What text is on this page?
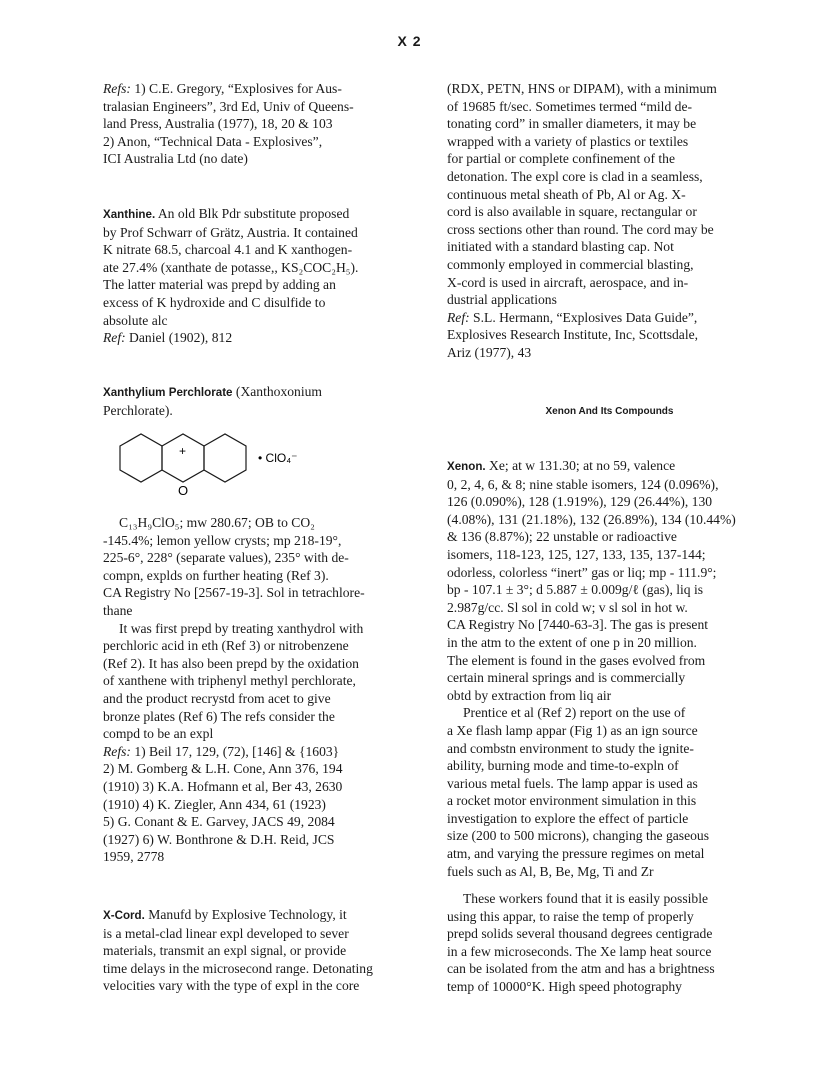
X 2
Refs: 1) C.E. Gregory, “Explosives for Aus-
tralasian Engineers”, 3rd Ed, Univ of Queens-
land Press, Australia (1977), 18, 20 & 103
2) Anon, “Technical Data - Explosives”,
ICI Australia Ltd (no date)
Xanthine. An old Blk Pdr substitute proposed
by Prof Schwarr of Grätz, Austria. It contained
K nitrate 68.5, charcoal 4.1 and K xanthogen-
ate 27.4% (xanthate de potasse,, KS₂COC₂H₅).
The latter material was prepd by adding an
excess of K hydroxide and C disulfide to
absolute alc
Ref: Daniel (1902), 812
Xanthylium Perchlorate (Xanthoxonium
Perchlorate).
+
O
• ClO₄⁻
C₁₃H₉ClO₅; mw 280.67; OB to CO₂
-145.4%; lemon yellow crysts; mp 218-19°,
225-6°, 228° (separate values), 235° with de-
compn, explds on further heating (Ref 3).
CA Registry No [2567-19-3]. Sol in tetrachlore-
thane
It was first prepd by treating xanthydrol with
perchloric acid in eth (Ref 3) or nitrobenzene
(Ref 2). It has also been prepd by the oxidation
of xanthene with triphenyl methyl perchlorate,
and the product recrystd from acet to give
bronze plates (Ref 6) The refs consider the
compd to be an expl
Refs: 1) Beil 17, 129, (72), [146] & {1603}
2) M. Gomberg & L.H. Cone, Ann 376, 194
(1910) 3) K.A. Hofmann et al, Ber 43, 2630
(1910) 4) K. Ziegler, Ann 434, 61 (1923)
5) G. Conant & E. Garvey, JACS 49, 2084
(1927) 6) W. Bonthrone & D.H. Reid, JCS
1959, 2778
X-Cord. Manufd by Explosive Technology, it
is a metal-clad linear expl developed to sever
materials, transmit an expl signal, or provide
time delays in the microsecond range. Detonating
velocities vary with the type of expl in the core
(RDX, PETN, HNS or DIPAM), with a minimum
of 19685 ft/sec. Sometimes termed “mild de-
tonating cord” in smaller diameters, it may be
wrapped with a variety of plastics or textiles
for partial or complete confinement of the
detonation. The expl core is clad in a seamless,
continuous metal sheath of Pb, Al or Ag. X-
cord is also available in square, rectangular or
cross sections other than round. The cord may be
initiated with a standard blasting cap. Not
commonly employed in commercial blasting,
X-cord is used in aircraft, aerospace, and in-
dustrial applications
Ref: S.L. Hermann, “Explosives Data Guide”,
Explosives Research Institute, Inc, Scottsdale,
Ariz (1977), 43
Xenon And Its Compounds
Xenon. Xe; at w 131.30; at no 59, valence
0, 2, 4, 6, & 8; nine stable isomers, 124 (0.096%),
126 (0.090%), 128 (1.919%), 129 (26.44%), 130
(4.08%), 131 (21.18%), 132 (26.89%), 134 (10.44%)
& 136 (8.87%); 22 unstable or radioactive
isomers, 118-123, 125, 127, 133, 135, 137-144;
odorless, colorless “inert” gas or liq; mp - 111.9°;
bp - 107.1 ± 3°; d 5.887 ± 0.009g/ℓ (gas), liq is
2.987g/cc. Sl sol in cold w; v sl sol in hot w.
CA Registry No [7440-63-3]. The gas is present
in the atm to the extent of one p in 20 million.
The element is found in the gases evolved from
certain mineral springs and is commercially
obtd by extraction from liq air
Prentice et al (Ref 2) report on the use of
a Xe flash lamp appar (Fig 1) as an ign source
and combstn environment to study the ignite-
ability, burning mode and time-to-expln of
various metal fuels. The lamp appar is used as
a rocket motor environment simulation in this
investigation to explore the effect of particle
size (200 to 500 microns), changing the gaseous
atm, and varying the pressure regimes on metal
fuels such as Al, B, Be, Mg, Ti and Zr
These workers found that it is easily possible
using this appar, to raise the temp of properly
prepd solids several thousand degrees centigrade
in a few microseconds. The Xe lamp heat source
can be isolated from the atm and has a brightness
temp of 10000°K. High speed photography
